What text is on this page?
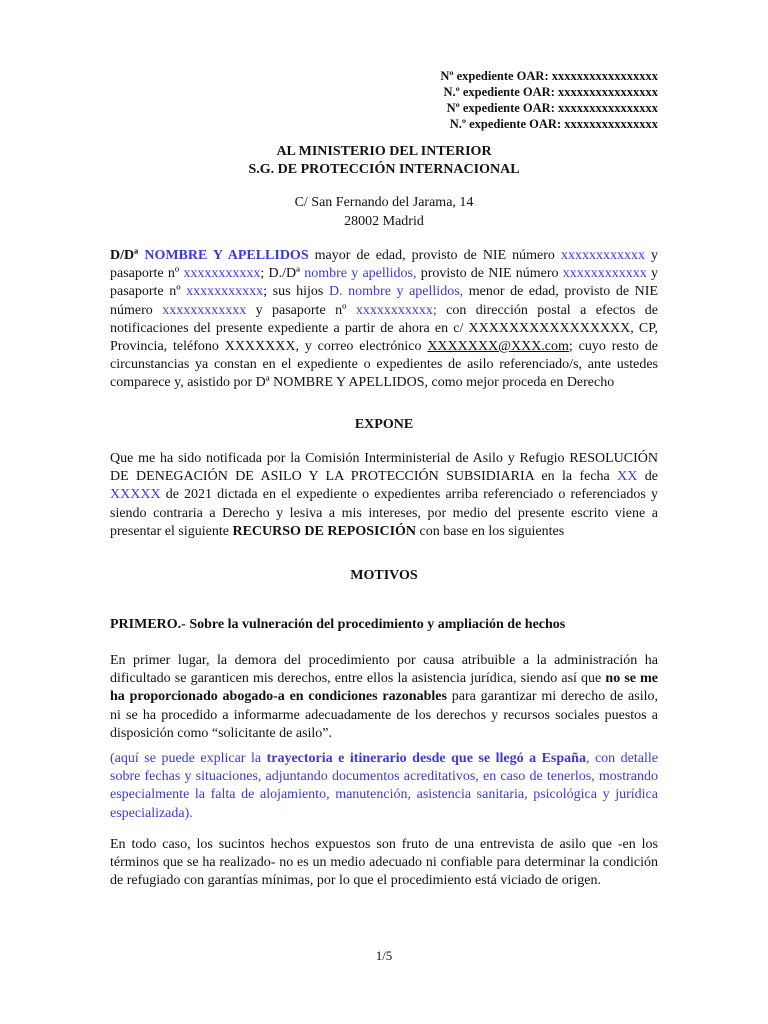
Nº expediente OAR: xxxxxxxxxxxxxxxxx
N.º expediente OAR: xxxxxxxxxxxxxxxx
Nº expediente OAR: xxxxxxxxxxxxxxxx
N.º expediente OAR: xxxxxxxxxxxxxxx
AL MINISTERIO DEL INTERIOR
S.G. DE PROTECCIÓN INTERNACIONAL
C/ San Fernando del Jarama, 14
28002 Madrid
D/Dª NOMBRE Y APELLIDOS mayor de edad, provisto de NIE número xxxxxxxxxxxx y pasaporte nº xxxxxxxxxxx; D./Dª nombre y apellidos, provisto de NIE número xxxxxxxxxxxx y pasaporte nº xxxxxxxxxxx; sus hijos D. nombre y apellidos, menor de edad, provisto de NIE número xxxxxxxxxxxx y pasaporte nº xxxxxxxxxxx; con dirección postal a efectos de notificaciones del presente expediente a partir de ahora en c/ XXXXXXXXXXXXXXXX, CP, Provincia, teléfono XXXXXXX, y correo electrónico XXXXXXX@XXX.com; cuyo resto de circunstancias ya constan en el expediente o expedientes de asilo referenciado/s, ante ustedes comparece y, asistido por Dª NOMBRE Y APELLIDOS, como mejor proceda en Derecho
EXPONE
Que me ha sido notificada por la Comisión Interministerial de Asilo y Refugio RESOLUCIÓN DE DENEGACIÓN DE ASILO Y LA PROTECCIÓN SUBSIDIARIA en la fecha XX de XXXXX de 2021 dictada en el expediente o expedientes arriba referenciado o referenciados y siendo contraria a Derecho y lesiva a mis intereses, por medio del presente escrito viene a presentar el siguiente RECURSO DE REPOSICIÓN con base en los siguientes
MOTIVOS
PRIMERO.- Sobre la vulneración del procedimiento y ampliación de hechos
En primer lugar, la demora del procedimiento por causa atribuible a la administración ha dificultado se garanticen mis derechos, entre ellos la asistencia jurídica, siendo así que no se me ha proporcionado abogado-a en condiciones razonables para garantizar mi derecho de asilo, ni se ha procedido a informarme adecuadamente de los derechos y recursos sociales puestos a disposición como “solicitante de asilo”.
(aquí se puede explicar la trayectoria e itinerario desde que se llegó a España, con detalle sobre fechas y situaciones, adjuntando documentos acreditativos, en caso de tenerlos, mostrando especialmente la falta de alojamiento, manutención, asistencia sanitaria, psicológica y jurídica especializada).
En todo caso, los sucintos hechos expuestos son fruto de una entrevista de asilo que -en los términos que se ha realizado- no es un medio adecuado ni confiable para determinar la condición de refugiado con garantías mínimas, por lo que el procedimiento está viciado de origen.
1/5
